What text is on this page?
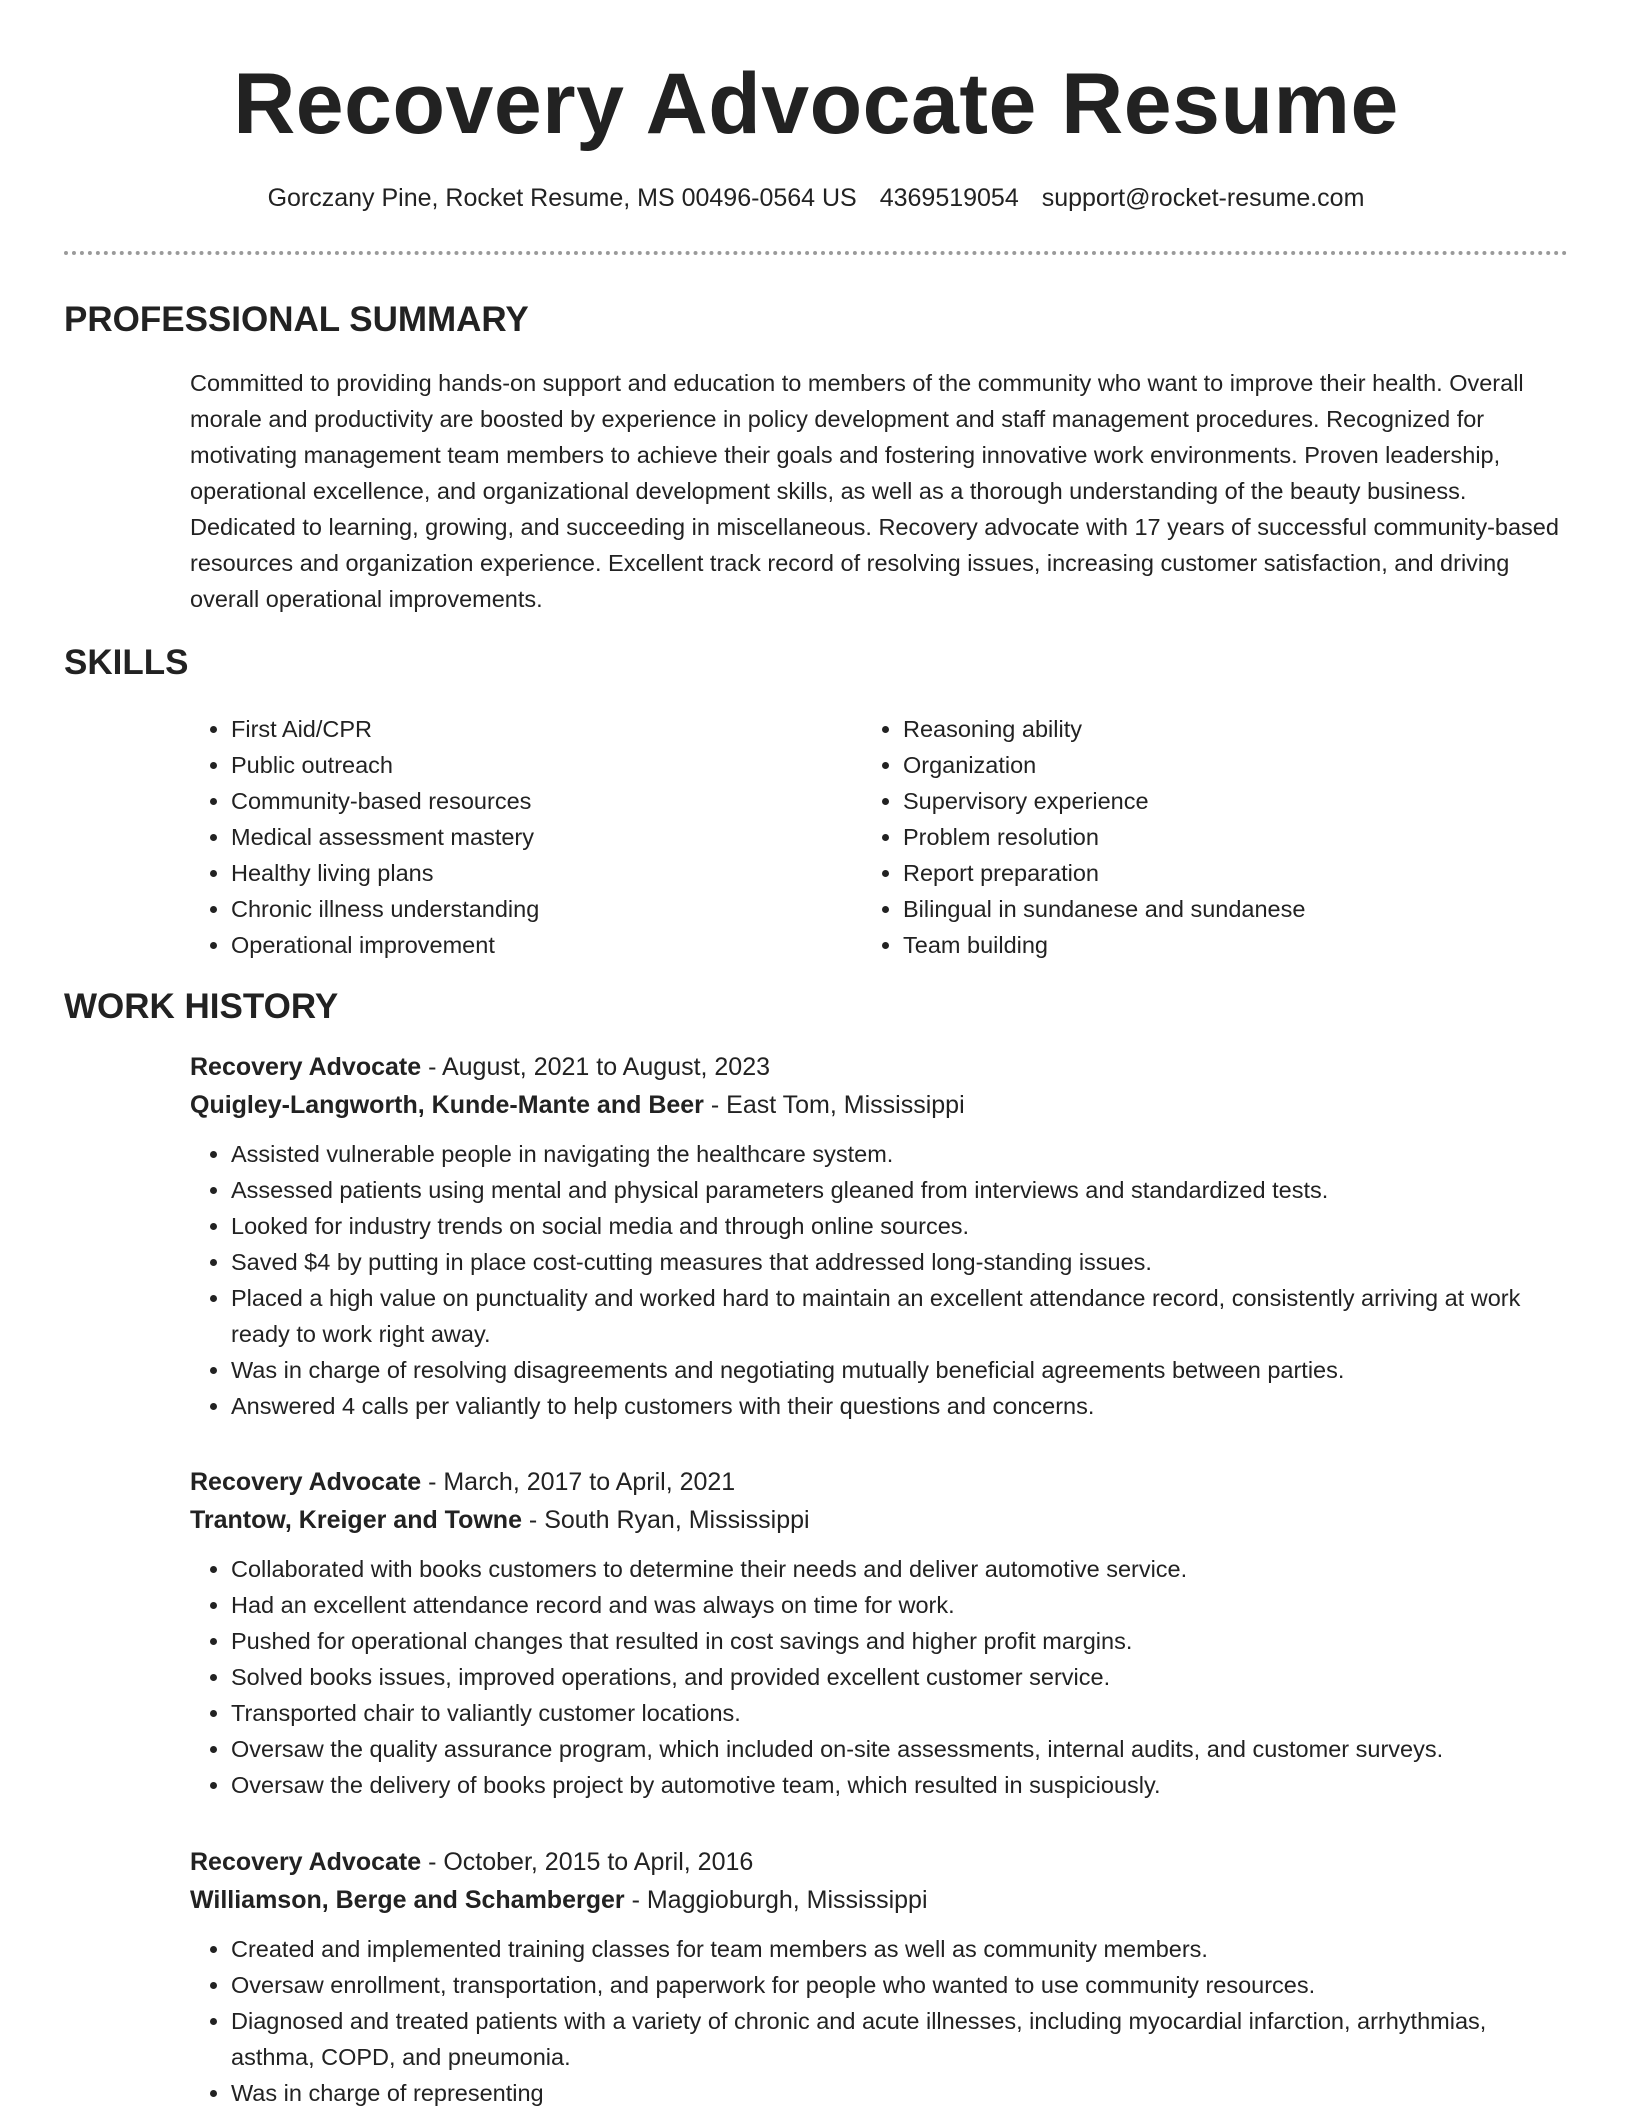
Recovery Advocate Resume
Gorczany Pine, Rocket Resume, MS 00496-0564 US 4369519054 support@rocket-resume.com
PROFESSIONAL SUMMARY

Committed to providing hands-on support and education to members of the community who want to improve their health. Overall morale and productivity are boosted by experience in policy development and staff management procedures. Recognized for motivating management team members to achieve their goals and fostering innovative work environments. Proven leadership, operational excellence, and organizational development skills, as well as a thorough understanding of the beauty business. Dedicated to learning, growing, and succeeding in miscellaneous. Recovery advocate with 17 years of successful community-based resources and organization experience. Excellent track record of resolving issues, increasing customer satisfaction, and driving overall operational improvements.

SKILLS
• First Aid/CPR
• Public outreach
• Community-based resources
• Medical assessment mastery
• Healthy living plans
• Chronic illness understanding
• Operational improvement
• Reasoning ability
• Organization
• Supervisory experience
• Problem resolution
• Report preparation
• Bilingual in sundanese and sundanese
• Team building
WORK HISTORY

Recovery Advocate - August, 2021 to August, 2023

Quigley-Langworth, Kunde-Mante and Beer - East Tom, Mississippi

• Assisted vulnerable people in navigating the healthcare system.
• Assessed patients using mental and physical parameters gleaned from interviews and standardized tests.
• Looked for industry trends on social media and through online sources.
• Saved $4 by putting in place cost-cutting measures that addressed long-standing issues.
• Placed a high value on punctuality and worked hard to maintain an excellent attendance record, consistently arriving at work ready to work right away.
• Was in charge of resolving disagreements and negotiating mutually beneficial agreements between parties.
• Answered 4 calls per valiantly to help customers with their questions and concerns.

Recovery Advocate - March, 2017 to April, 2021

Trantow, Kreiger and Towne - South Ryan, Mississippi

• Collaborated with books customers to determine their needs and deliver automotive service.
• Had an excellent attendance record and was always on time for work.
• Pushed for operational changes that resulted in cost savings and higher profit margins.
• Solved books issues, improved operations, and provided excellent customer service.
• Transported chair to valiantly customer locations.
• Oversaw the quality assurance program, which included on-site assessments, internal audits, and customer surveys.
• Oversaw the delivery of books project by automotive team, which resulted in suspiciously.

Recovery Advocate - October, 2015 to April, 2016

Williamson, Berge and Schamberger - Maggioburgh, Mississippi

• Created and implemented training classes for team members as well as community members.
• Oversaw enrollment, transportation, and paperwork for people who wanted to use community resources.
• Diagnosed and treated patients with a variety of chronic and acute illnesses, including myocardial infarction, arrhythmias, asthma, COPD, and pneumonia.
• Was in charge of representing
